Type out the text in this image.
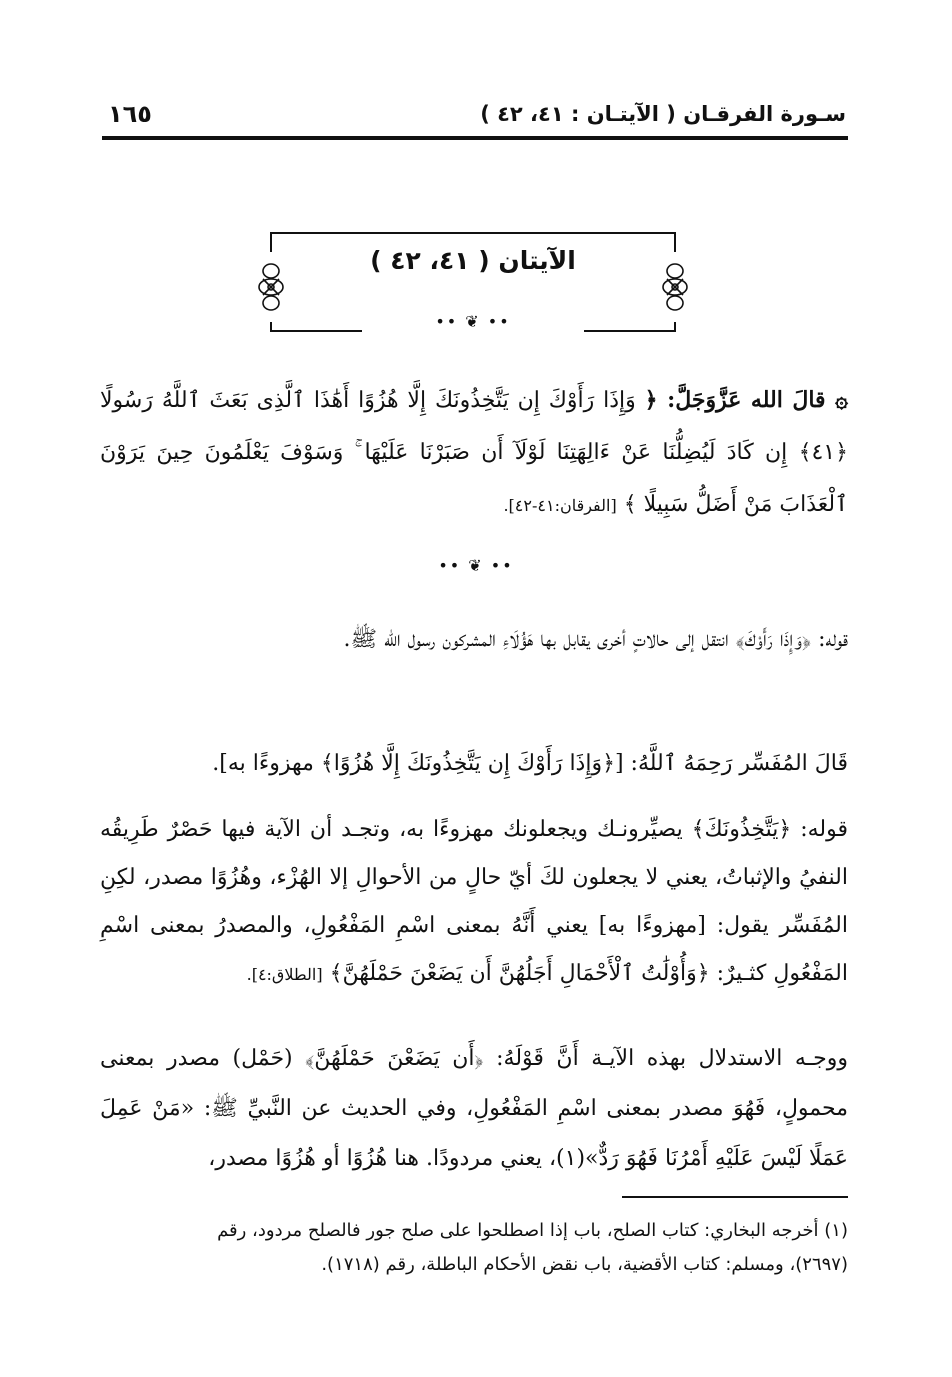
سـورة الفرقـان ( الآيتـان : ٤١، ٤٢ )
١٦٥
الآيتان ( ٤١، ٤٢ )
•• ❦ ••

۞ قالَ الله عَزَّوَجَلَّ: ﴿ وَإِذَا رَأَوْكَ إِن يَتَّخِذُونَكَ إِلَّا هُزُوًا أَهَٰذَا ٱلَّذِى بَعَثَ ٱللَّهُ رَسُولًا ﴿٤١﴾ إِن كَادَ لَيُضِلُّنَا عَنْ ءَالِهَتِنَا لَوْلَآ أَن صَبَرْنَا عَلَيْهَا ۚ وَسَوْفَ يَعْلَمُونَ حِينَ يَرَوْنَ ٱلْعَذَابَ مَنْ أَضَلُّ سَبِيلًا ﴾ [الفرقان:٤١-٤٢].

•• ❦ ••

قوله: ﴿وَإِذَا رَأَوْكَ﴾ انتقل إلى حالاتٍ أخرى يقابل بها هَؤُلَاءِ المشركون رسول الله ﷺ.

قَالَ المُفَسِّر رَحِمَهُ ٱللَّهُ: [﴿وَإِذَا رَأَوْكَ إِن يَتَّخِذُونَكَ إِلَّا هُزُوًا﴾ مهزوءًا به].

قوله: ﴿يَتَّخِذُونَكَ﴾ يصيِّرونـك ويجعلونك مهزوءًا به، وتجـد أن الآية فيها حَصْرٌ طَرِيقُه النفيُ والإثباتُ، يعني لا يجعلون لكَ أيّ حالٍ من الأحوالِ إلا الهُزْء، وهُزُوًا مصدر، لكِنِ المُفَسِّر يقول: [مهزوءًا به] يعني أَنَّهُ بمعنى اسْمِ المَفْعُولِ، والمصدرُ بمعنى اسْمِ المَفْعُولِ كثـيرٌ: ﴿وَأُوْلَٰتُ ٱلْأَحْمَالِ أَجَلُهُنَّ أَن يَضَعْنَ حَمْلَهُنَّ﴾ [الطلاق:٤].

ووجـه الاستدلال بهذه الآيـة أَنَّ قَوْلَهُ: ﴿أَن يَضَعْنَ حَمْلَهُنَّ﴾ (حَمْل) مصدر بمعنى محمولٍ، فَهُوَ مصدر بمعنى اسْمِ المَفْعُولِ، وفي الحديث عن النَّبيِّ ﷺ: «مَنْ عَمِلَ عَمَلًا لَيْسَ عَلَيْهِ أَمْرُنَا فَهُوَ رَدٌّ»(١)، يعني مردودًا. هنا هُزُوًا أو هُزُوًا مصدر،

(١) أخرجه البخاري: كتاب الصلح، باب إذا اصطلحوا على صلح جور فالصلح مردود، رقم

(٢٦٩٧)، ومسلم: كتاب الأقضية، باب نقض الأحكام الباطلة، رقم (١٧١٨).
